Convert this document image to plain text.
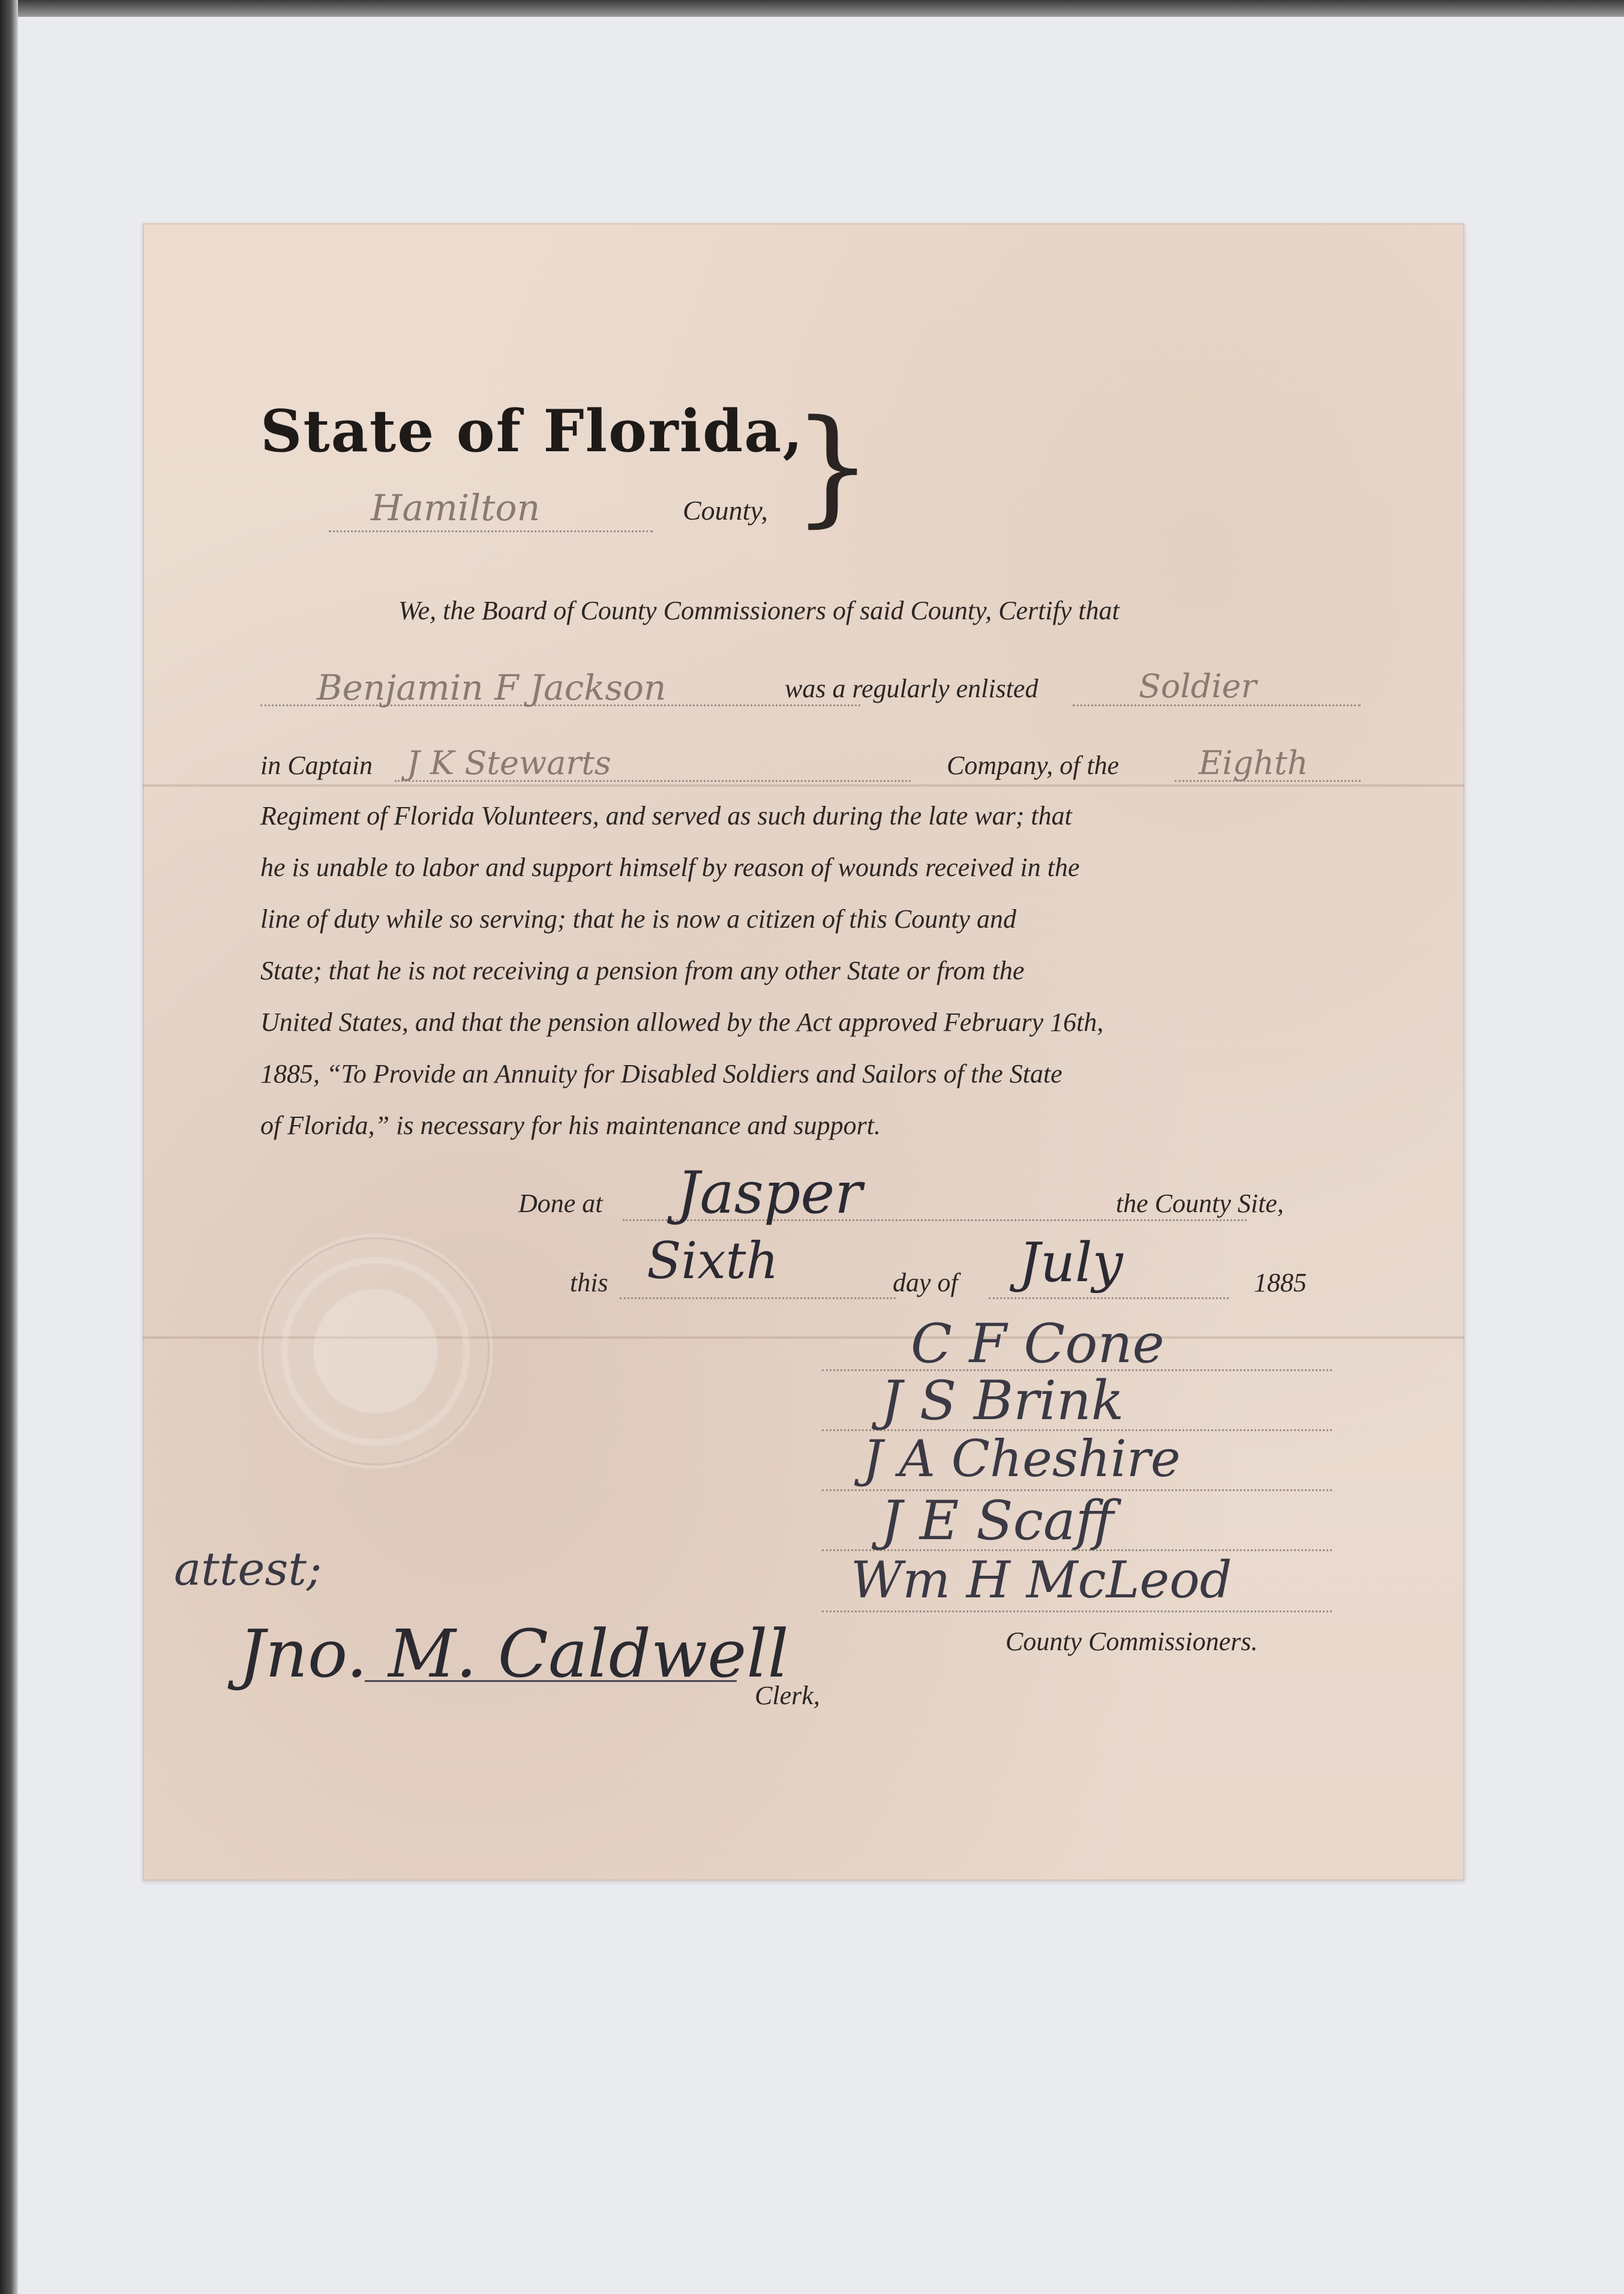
State of Florida,
}
Hamilton	County,
We, the Board of County Commissioners of said County, Certify that
Benjamin F Jackson	was a regularly enlisted	Soldier
in Captain J K Stewarts	Company, of the Eighth
Regiment of Florida Volunteers, and served as such during the late war; that
he is unable to labor and support himself by reason of wounds received in the
line of duty while so serving; that he is now a citizen of this County and
State; that he is not receiving a pension from any other State or from the
United States, and that the pension allowed by the Act approved February 16th,
1885, “To Provide an Annuity for Disabled Soldiers and Sailors of the State
of Florida,” is necessary for his maintenance and support.
Done at Jasper	the County Site,
this Sixth	day of July	1885
C F Cone
J S Brink
J A Cheshire
J E Scaff
Wm H McLeod
County Commissioners.
attest;
Jno. M. Caldwell
Clerk,
